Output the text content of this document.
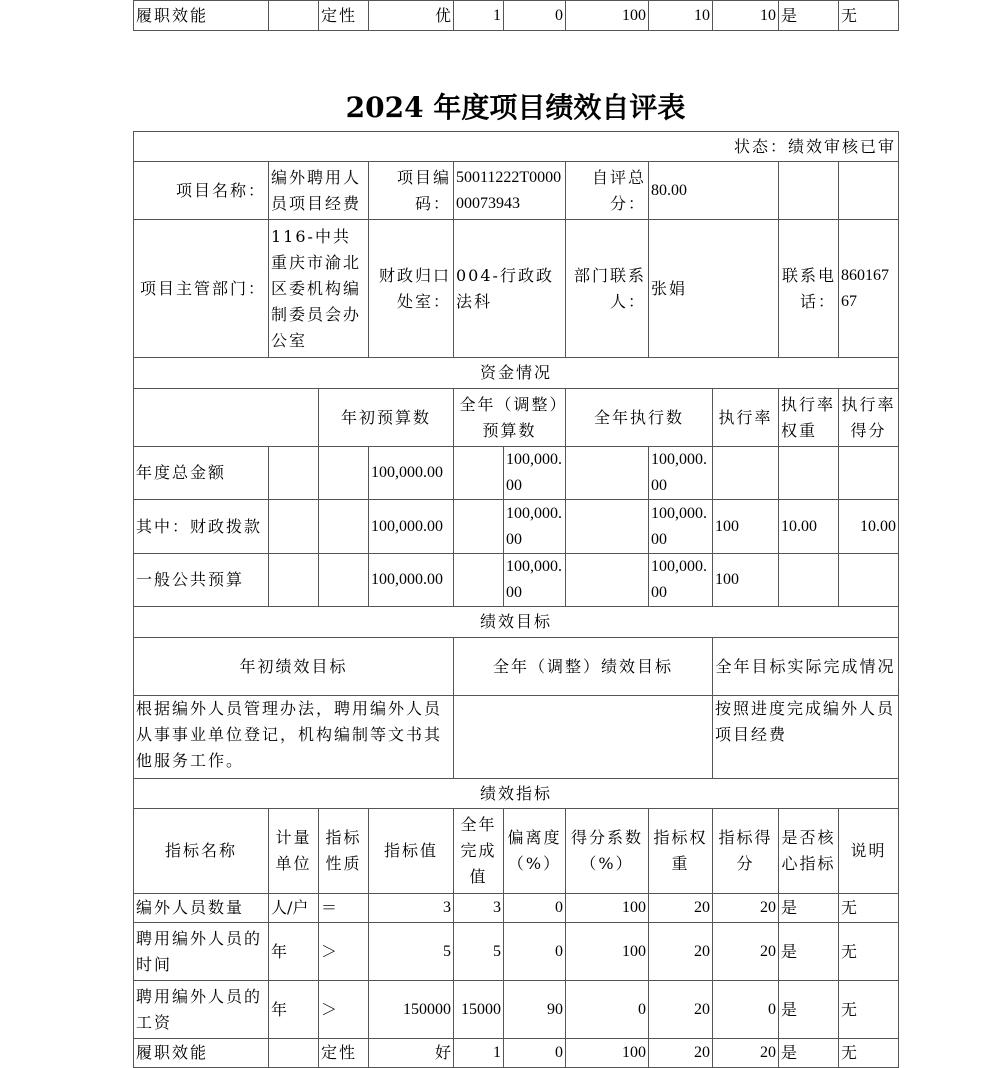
履职效能		定性	优	1	0	100	10	10	是	无
2024 年度项目绩效自评表
状态：绩效审核已审										
项目名称：	编外聘用人员项目经费		项目编码：	50011222T000000073943		自评总分：	80.00			
项目主管部门：	116-中共重庆市渝北区委机构编制委员会办公室		财政归口处室：	004-行政政法科		部门联系人：	张娟		联系电话：	86016767
资金情况										
		年初预算数		全年（调整）预算数		全年执行数		执行率	执行率权重	执行率得分
年度总金额			100,000.00		100,000.00		100,000.00			
其中：财政拨款			100,000.00		100,000.00		100,000.00	100	10.00	10.00
一般公共预算			100,000.00		100,000.00		100,000.00	100		
绩效目标										
年初绩效目标				全年（调整）绩效目标				全年目标实际完成情况		
根据编外人员管理办法，聘用编外人员从事事业单位登记，机构编制等文书其他服务工作。								按照进度完成编外人员项目经费		
绩效指标										
指标名称	计量单位	指标性质	指标值	全年完成值	偏离度（%）	得分系数（%）	指标权重	指标得分	是否核心指标	说明
编外人员数量	人/户	＝	3	3	0	100	20	20	是	无
聘用编外人员的时间	年	＞	5	5	0	100	20	20	是	无
聘用编外人员的工资	年	＞	150000	15000	90	0	20	0	是	无
履职效能		定性	好	1	0	100	20	20	是	无
